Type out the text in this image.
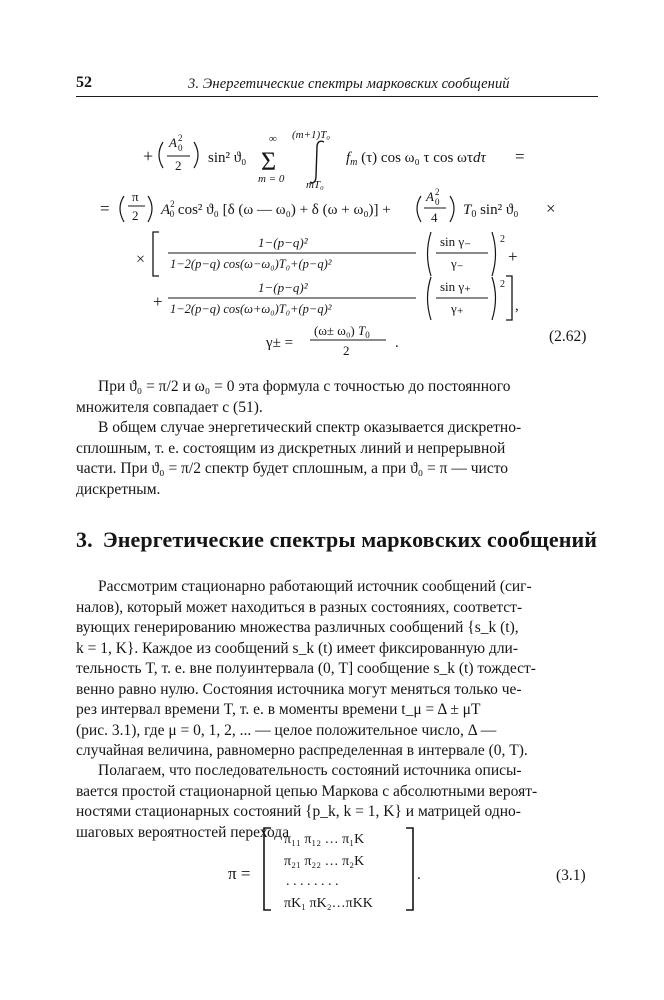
52	3. Энергетические спектры марковских сообщений
+
A 0
2
2 sin² ϑ₀
∞
Σ
m = 0
(m+1)T₀
mT₀
$f_m$ (τ) cos ω₀ τ cos ωτdτ =
=
π
2 $A^2$ 0 cos² ϑ₀ [δ (ω — ω₀) + δ (ω + ω₀)] +
A 0
2
4 $T_0$ sin² ϑ₀ ×
×
1−(p−q)²
1−2(p−q) cos(ω−ω₀)T₀+(p−q)²
sin γ₋
γ₋
2
+
+
1−(p−q)²
1−2(p−q) cos(ω+ω₀)T₀+(p−q)²
sin γ₊
γ₊
2
,
γ± =
(ω± ω₀) $T_0$
2	.	(2.62)
При ϑ₀ = π/2 и ω₀ = 0 эта формула с точностью до постоянного
множителя совпадает с (51).
В общем случае энергетический спектр оказывается дискретно-
сплошным, т. е. состоящим из дискретных линий и непрерывной
части. При ϑ₀ = π/2 спектр будет сплошным, а при ϑ₀ = π — чисто
дискретным.
3. Энергетические спектры марковских сообщений
Рассмотрим стационарно работающий источник сообщений (сиг-
налов), который может находиться в разных состояниях, соответст-
вующих генерированию множества различных сообщений {s_k (t),
k = 1, K}. Каждое из сообщений s_k (t) имеет фиксированную дли-
тельность T, т. е. вне полуинтервала (0, T] сообщение s_k (t) тождест-
венно равно нулю. Состояния источника могут меняться только че-
рез интервал времени T, т. е. в моменты времени t_μ = Δ ± μT
(рис. 3.1), где μ = 0, 1, 2, ... — целое положительное число, Δ —
случайная величина, равномерно распределенная в интервале (0, T).
Полагаем, что последовательность состояний источника описы-
вается простой стационарной цепью Маркова с абсолютными вероят-
ностями стационарных состояний {p_k, k = 1, K} и матрицей одно-
шаговых вероятностей перехода
π =
π₁₁ π₁₂ … π₁K
π₂₁ π₂₂ … π₂K
. . . . . . . .
πK₁ πK₂…πKK
.	(3.1)
